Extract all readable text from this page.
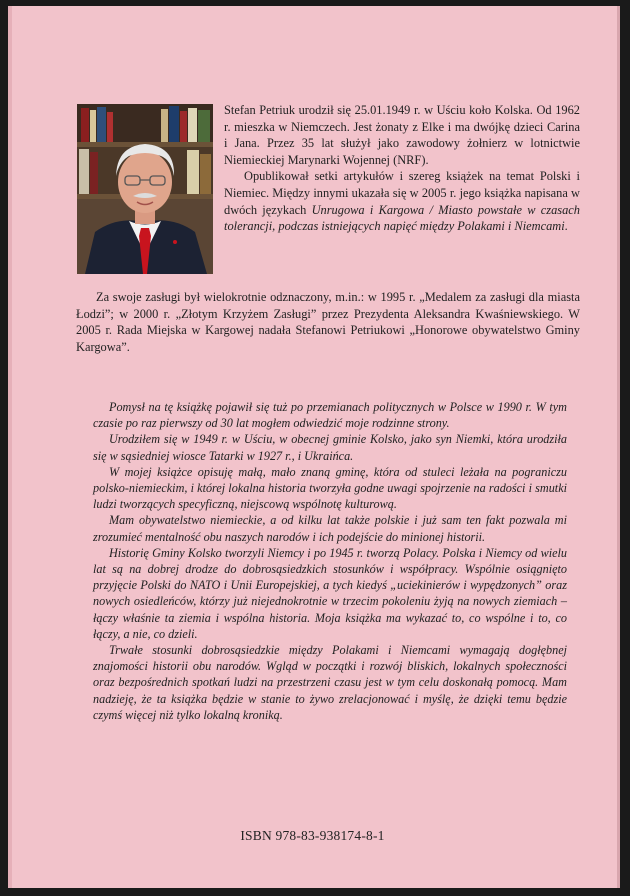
Stefan Petriuk urodził się 25.01.1949 r. w Uściu koło Kolska. Od 1962 r. mieszka w Niemczech. Jest żonaty z Elke i ma dwójkę dzieci Carina i Jana. Przez 35 lat służył jako zawodowy żołnierz w lotnictwie Niemieckiej Marynarki Wojennej (NRF).

Opublikował setki artykułów i szereg książek na temat Polski i Niemiec. Między innymi ukazała się w 2005 r. jego książka napisana w dwóch językach Unrugowa i Kargowa / Miasto powstałe w czasach tolerancji, podczas istniejących napięć między Polakami i Niemcami.

Za swoje zasługi był wielokrotnie odznaczony, m.in.: w 1995 r. „Medalem za zasługi dla miasta Łodzi”; w 2000 r. „Złotym Krzyżem Zasługi” przez Prezydenta Aleksandra Kwaśniewskiego. W 2005 r. Rada Miejska w Kargowej nadała Stefanowi Petriukowi „Honorowe obywatelstwo Gminy Kargowa”.

Pomysł na tę książkę pojawił się tuż po przemianach politycznych w Polsce w 1990 r. W tym czasie po raz pierwszy od 30 lat mogłem odwiedzić moje rodzinne strony.

Urodziłem się w 1949 r. w Uściu, w obecnej gminie Kolsko, jako syn Niemki, która urodziła się w sąsiedniej wiosce Tatarki w 1927 r., i Ukraińca.

W mojej książce opisuję małą, mało znaną gminę, która od stuleci leżała na pograniczu polsko-niemieckim, i której lokalna historia tworzyła godne uwagi spojrzenie na radości i smutki ludzi tworzących specyficzną, niejscową wspólnotę kulturową.

Mam obywatelstwo niemieckie, a od kilku lat także polskie i już sam ten fakt pozwala mi zrozumieć mentalność obu naszych narodów i ich podejście do minionej historii.

Historię Gminy Kolsko tworzyli Niemcy i po 1945 r. tworzą Polacy. Polska i Niemcy od wielu lat są na dobrej drodze do dobrosąsiedzkich stosunków i współpracy. Wspólnie osiągnięto przyjęcie Polski do NATO i Unii Europejskiej, a tych kiedyś „uciekinierów i wypędzonych” oraz nowych osiedleńców, którzy już niejednokrotnie w trzecim pokoleniu żyją na nowych ziemiach – łączy właśnie ta ziemia i wspólna historia. Moja książka ma wykazać to, co wspólne i to, co łączy, a nie, co dzieli.

Trwałe stosunki dobrosąsiedzkie między Polakami i Niemcami wymagają dogłębnej znajomości historii obu narodów. Wgląd w początki i rozwój bliskich, lokalnych społeczności oraz bezpośrednich spotkań ludzi na przestrzeni czasu jest w tym celu doskonałą pomocą. Mam nadzieję, że ta książka będzie w stanie to żywo zrelacjonować i myślę, że dzięki temu będzie czymś więcej niż tylko lokalną kroniką.

ISBN 978-83-938174-8-1
